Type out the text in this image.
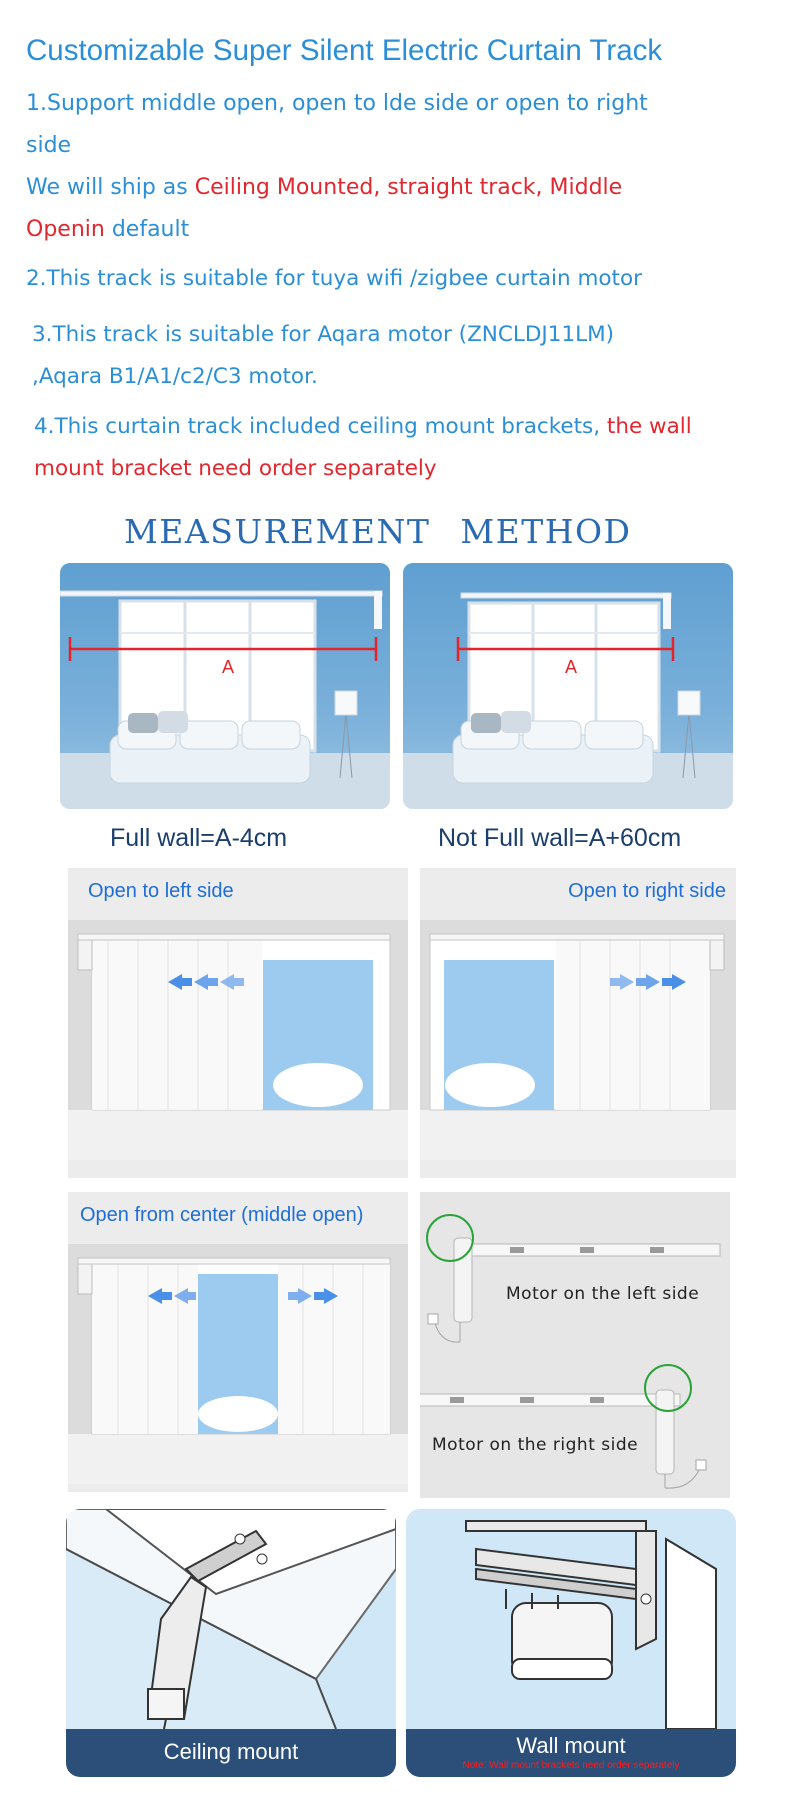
Customizable Super Silent Electric Curtain Track
1.Support middle open, open to lde side or open to right
side
We will ship as Ceiling Mounted, straight track, Middle
Openin default
2.This track is suitable for tuya wifi /zigbee curtain motor
3.This track is suitable for Aqara motor (ZNCLDJ11LM)
,Aqara B1/A1/c2/C3 motor.
4.This curtain track included ceiling mount brackets, the wall
mount bracket need order separately
MEASUREMENT METHOD
A	A
Full wall=A-4cm	Not Full wall=A+60cm
Open to left side	Open to right side
Open from center (middle open)
Motor on the left side
Motor on the right side
Ceiling mount	Wall mount
Note: Wall mount brackets need order separately
